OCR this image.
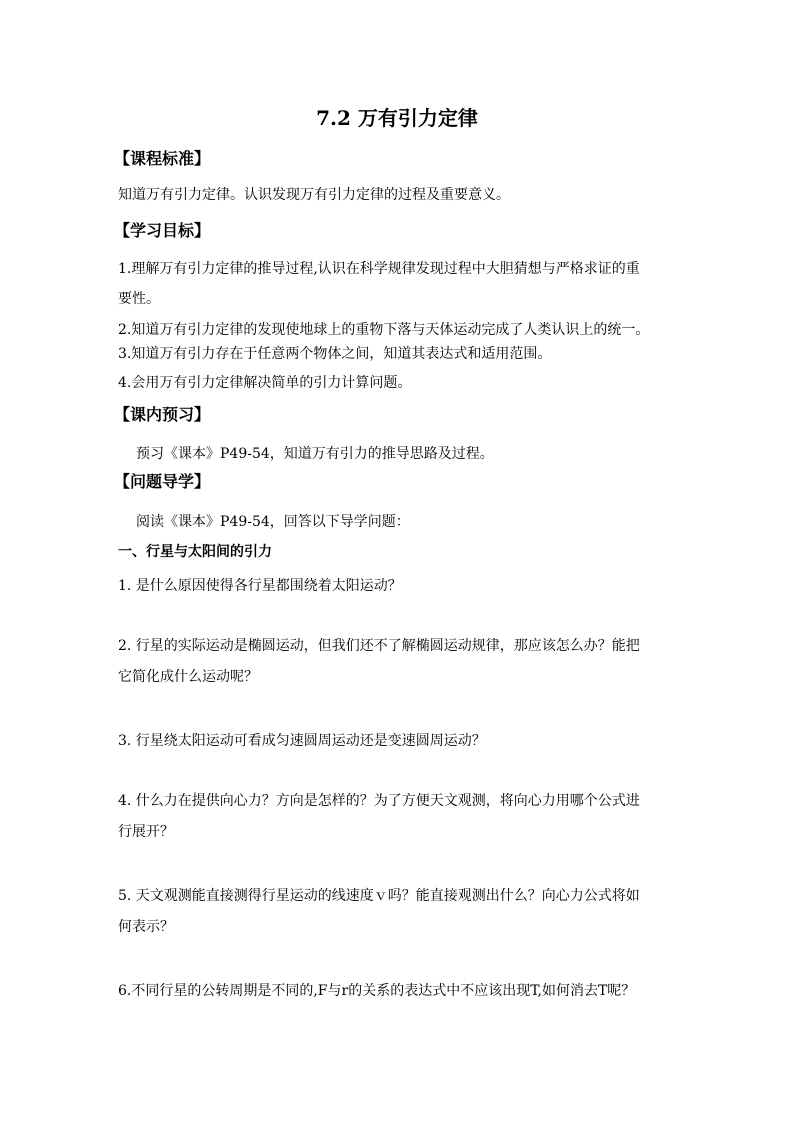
7.2 万有引力定律
【课程标准】
知道万有引力定律。认识发现万有引力定律的过程及重要意义。
【学习目标】
1.理解万有引力定律的推导过程,认识在科学规律发现过程中大胆猜想与严格求证的重
要性。
2.知道万有引力定律的发现使地球上的重物下落与天体运动完成了人类认识上的统一。
3.知道万有引力存在于任意两个物体之间，知道其表达式和适用范围。
4.会用万有引力定律解决简单的引力计算问题。
【课内预习】
预习《课本》P49-54，知道万有引力的推导思路及过程。
【问题导学】
阅读《课本》P49-54，回答以下导学问题：
一、行星与太阳间的引力
1. 是什么原因使得各行星都围绕着太阳运动？
2. 行星的实际运动是椭圆运动，但我们还不了解椭圆运动规律，那应该怎么办？能把
它简化成什么运动呢？
3. 行星绕太阳运动可看成匀速圆周运动还是变速圆周运动？
4. 什么力在提供向心力？方向是怎样的？为了方便天文观测，将向心力用哪个公式进
行展开？
5. 天文观测能直接测得行星运动的线速度ｖ吗？能直接观测出什么？向心力公式将如
何表示？
6.不同行星的公转周期是不同的,F与r的关系的表达式中不应该出现T,如何消去T呢？
